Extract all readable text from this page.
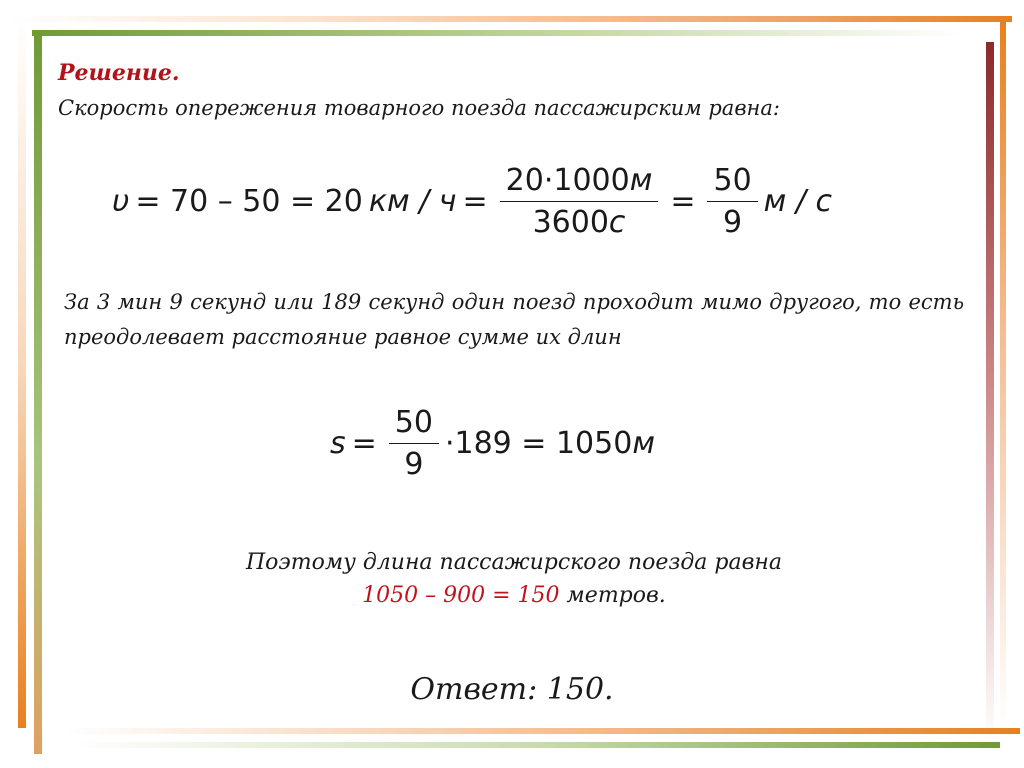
Решение.
Скорость опережения товарного поезда пассажирским равна:
υ = 70 – 50 = 20 км / $ч = \frac{20\cdot 1000м}{3600с} = \frac{50}{9}$ м / с
За 3 мин 9 секунд или 189 секунд один поезд проходит мимо другого, то есть преодолевает расстояние равное сумме их длин
$s = \frac{50}{9} \cdot 189 = 1050$ м
Поэтому длина пассажирского поезда равна
1050 – 900 = 150 метров.
Ответ: 150.
